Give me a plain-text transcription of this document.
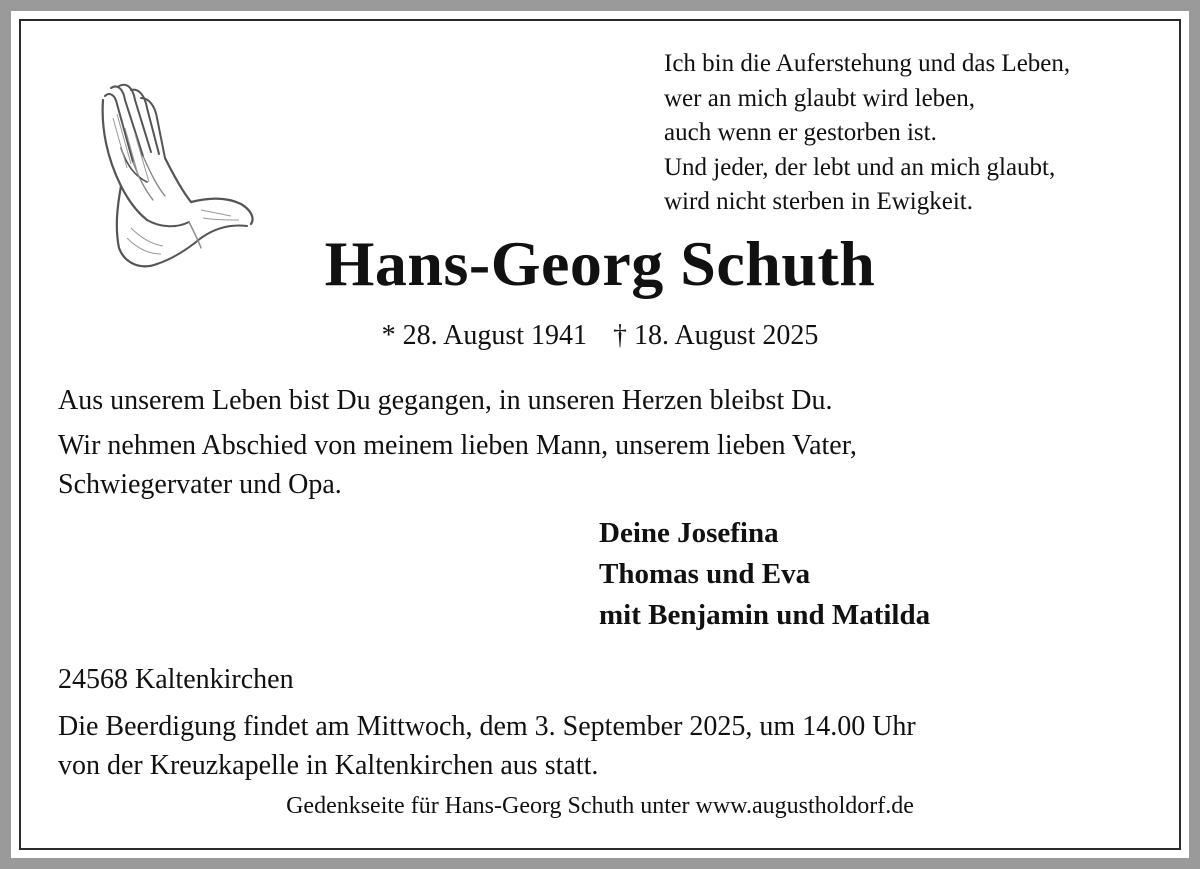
Ich bin die Auferstehung und das Leben,
wer an mich glaubt wird leben,
auch wenn er gestorben ist.
Und jeder, der lebt und an mich glaubt,
wird nicht sterben in Ewigkeit.
Hans-Georg Schuth
* 28. August 1941 † 18. August 2025
Aus unserem Leben bist Du gegangen, in unseren Herzen bleibst Du.
Wir nehmen Abschied von meinem lieben Mann, unserem lieben Vater,
Schwiegervater und Opa.
Deine Josefina
Thomas und Eva
mit Benjamin und Matilda
24568 Kaltenkirchen
Die Beerdigung findet am Mittwoch, dem 3. September 2025, um 14.00 Uhr
von der Kreuzkapelle in Kaltenkirchen aus statt.
Gedenkseite für Hans-Georg Schuth unter www.augustholdorf.de
